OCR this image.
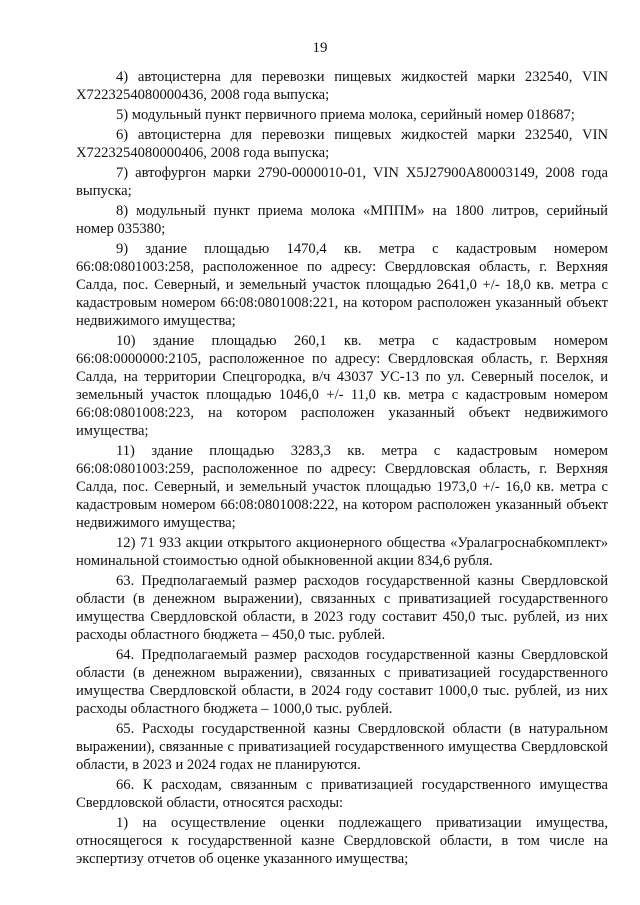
19

4) автоцистерна для перевозки пищевых жидкостей марки 232540, VIN X7223254080000436, 2008 года выпуска;

5) модульный пункт первичного приема молока, серийный номер 018687;

6) автоцистерна для перевозки пищевых жидкостей марки 232540, VIN X7223254080000406, 2008 года выпуска;

7) автофургон марки 2790-0000010-01, VIN X5J27900A80003149, 2008 года выпуска;

8) модульный пункт приема молока «МППМ» на 1800 литров, серийный номер 035380;

9) здание площадью 1470,4 кв. метра с кадастровым номером 66:08:0801003:258, расположенное по адресу: Свердловская область, г. Верхняя Салда, пос. Северный, и земельный участок площадью 2641,0 +/- 18,0 кв. метра с кадастровым номером 66:08:0801008:221, на котором расположен указанный объект недвижимого имущества;

10) здание площадью 260,1 кв. метра с кадастровым номером 66:08:0000000:2105, расположенное по адресу: Свердловская область, г. Верхняя Салда, на территории Спецгородка, в/ч 43037 УС-13 по ул. Северный поселок, и земельный участок площадью 1046,0 +/- 11,0 кв. метра с кадастровым номером 66:08:0801008:223, на котором расположен указанный объект недвижимого имущества;

11) здание площадью 3283,3 кв. метра с кадастровым номером 66:08:0801003:259, расположенное по адресу: Свердловская область, г. Верхняя Салда, пос. Северный, и земельный участок площадью 1973,0 +/- 16,0 кв. метра с кадастровым номером 66:08:0801008:222, на котором расположен указанный объект недвижимого имущества;

12) 71 933 акции открытого акционерного общества «Уралагроснабкомплект» номинальной стоимостью одной обыкновенной акции 834,6 рубля.

63. Предполагаемый размер расходов государственной казны Свердловской области (в денежном выражении), связанных с приватизацией государственного имущества Свердловской области, в 2023 году составит 450,0 тыс. рублей, из них расходы областного бюджета – 450,0 тыс. рублей.

64. Предполагаемый размер расходов государственной казны Свердловской области (в денежном выражении), связанных с приватизацией государственного имущества Свердловской области, в 2024 году составит 1000,0 тыс. рублей, из них расходы областного бюджета – 1000,0 тыс. рублей.

65. Расходы государственной казны Свердловской области (в натуральном выражении), связанные с приватизацией государственного имущества Свердловской области, в 2023 и 2024 годах не планируются.

66. К расходам, связанным с приватизацией государственного имущества Свердловской области, относятся расходы:

1) на осуществление оценки подлежащего приватизации имущества, относящегося к государственной казне Свердловской области, в том числе на экспертизу отчетов об оценке указанного имущества;
